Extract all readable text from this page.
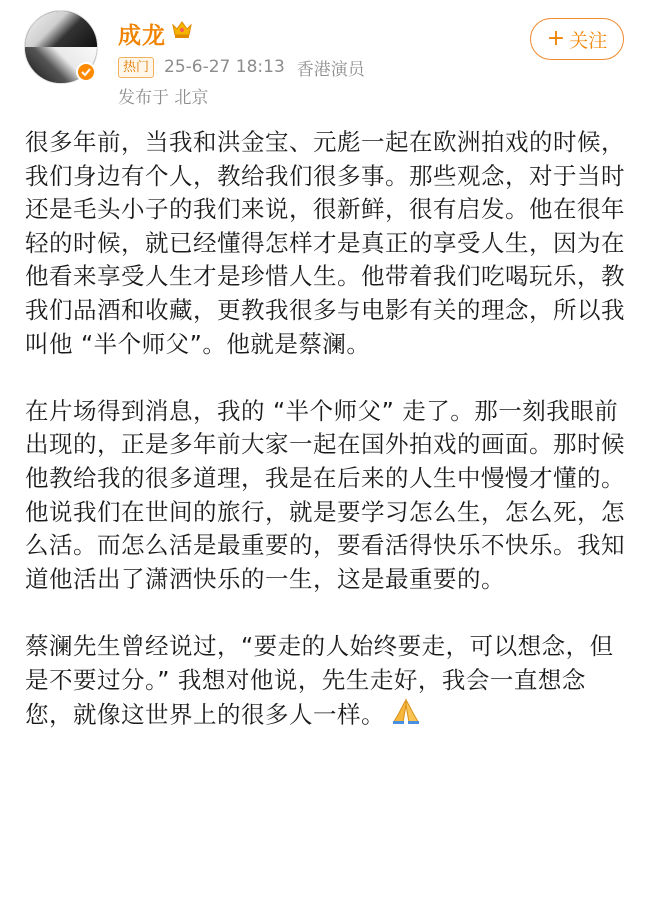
成龙
热门 25-6-27 18:13 香港演员
发布于 北京
+ 关注

很多年前，当我和洪金宝、元彪一起在欧洲拍戏的时候，我们身边有个人，教给我们很多事。那些观念，对于当时还是毛头小子的我们来说，很新鲜，很有启发。他在很年轻的时候，就已经懂得怎样才是真正的享受人生，因为在他看来享受人生才是珍惜人生。他带着我们吃喝玩乐，教我们品酒和收藏，更教我很多与电影有关的理念，所以我叫他 “半个师父”。他就是蔡澜。

在片场得到消息，我的 “半个师父” 走了。那一刻我眼前出现的，正是多年前大家一起在国外拍戏的画面。那时候他教给我的很多道理，我是在后来的人生中慢慢才懂的。他说我们在世间的旅行，就是要学习怎么生，怎么死，怎么活。而怎么活是最重要的，要看活得快乐不快乐。我知道他活出了潇洒快乐的一生，这是最重要的。

蔡澜先生曾经说过，“要走的人始终要走，可以想念，但是不要过分。” 我想对他说，先生走好，我会一直想念您，就像这世界上的很多人一样。
